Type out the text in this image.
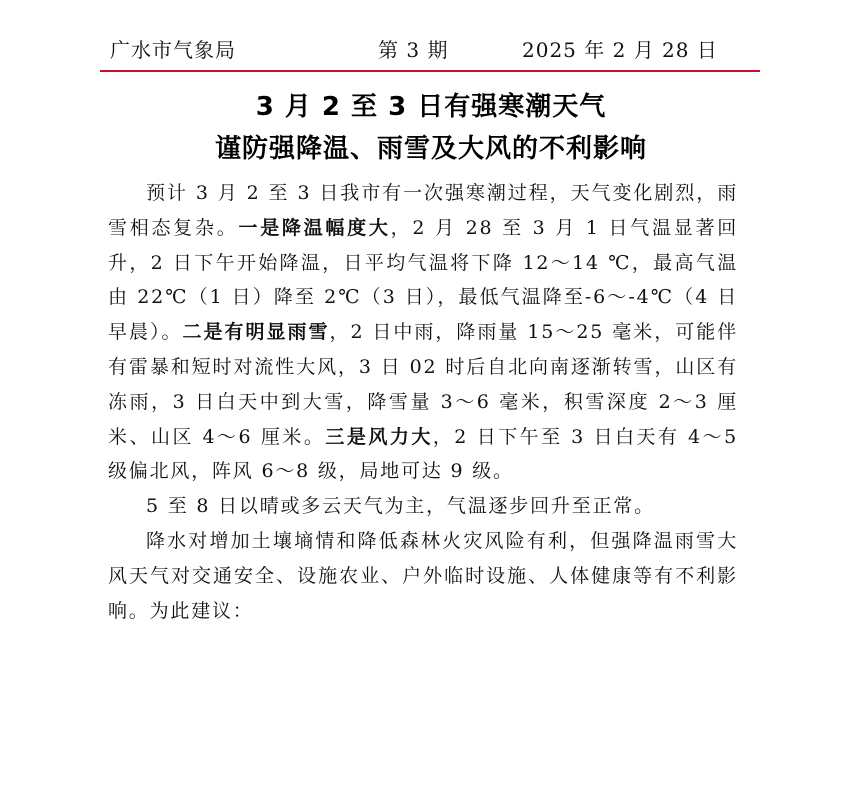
广水市气象局	第 3 期	2025 年 2 月 28 日
3 月 2 至 3 日有强寒潮天气
谨防强降温、雨雪及大风的不利影响

预计 3 月 2 至 3 日我市有一次强寒潮过程，天气变化剧烈，雨雪相态复杂。一是降温幅度大，2 月 28 至 3 月 1 日气温显著回升，2 日下午开始降温，日平均气温将下降 12～14 ℃，最高气温由 22℃（1 日）降至 2℃（3 日），最低气温降至-6～-4℃（4 日早晨）。二是有明显雨雪，2 日中雨，降雨量 15～25 毫米，可能伴有雷暴和短时对流性大风，3 日 02 时后自北向南逐渐转雪，山区有冻雨，3 日白天中到大雪，降雪量 3～6 毫米，积雪深度 2～3 厘米、山区 4～6 厘米。三是风力大，2 日下午至 3 日白天有 4～5 级偏北风，阵风 6～8 级，局地可达 9 级。

5 至 8 日以晴或多云天气为主，气温逐步回升至正常。

降水对增加土壤墒情和降低森林火灾风险有利，但强降温雨雪大风天气对交通安全、设施农业、户外临时设施、人体健康等有不利影响。为此建议：
